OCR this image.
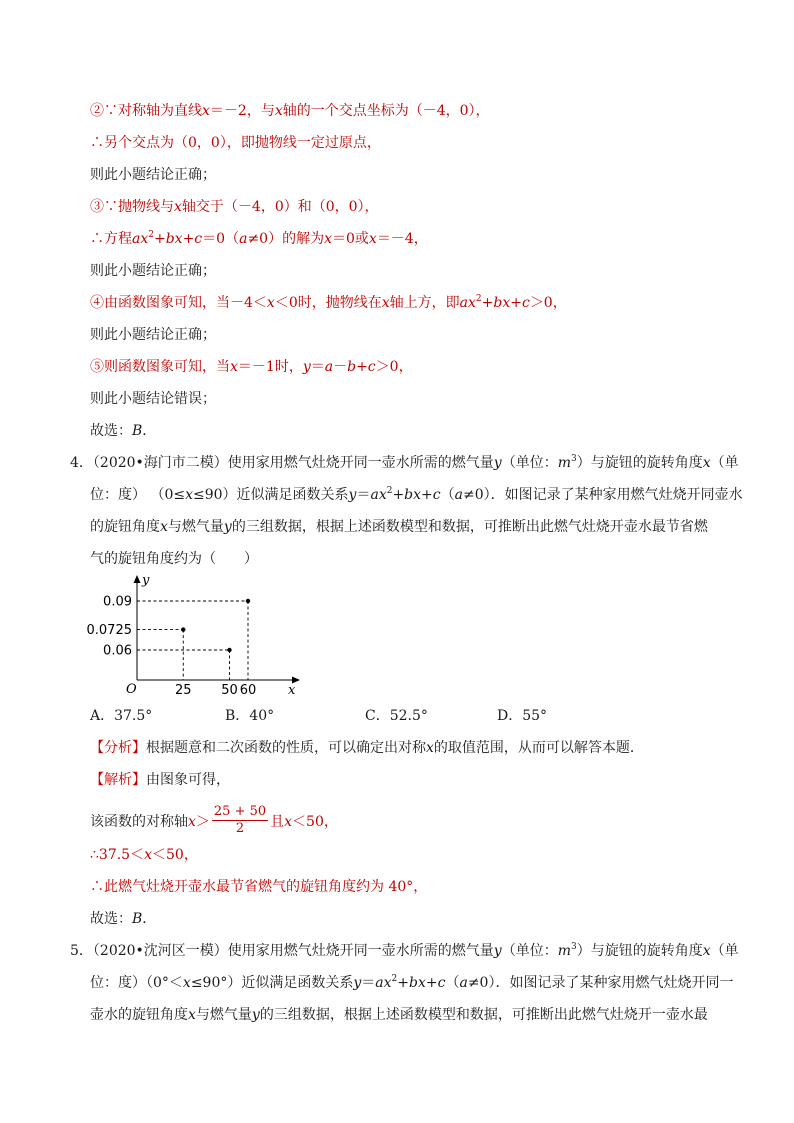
②∵对称轴为直线x＝－2，与x轴的一个交点坐标为（－4，0），
∴另个交点为（0，0），即抛物线一定过原点，
则此小题结论正确；
③∵抛物线与x轴交于（－4，0）和（0，0），
∴方程$ax^2+bx+c=0(a\ne 0)$的解为x＝0或x＝－4，
则此小题结论正确；
④由函数图象可知，当－4＜x＜0时，抛物线在x轴上方，即$ax^2+bx+c>0$，
则此小题结论正确；
⑤则函数图象可知，当x＝－1时，y＝a－b+c＞0，
则此小题结论错误；
故选：B．
4．（2020•海门市二模）使用家用燃气灶烧开同一壶水所需的燃气量y（单位：$m^3$）与旋钮的旋转角度x（单
位：度） （0≤x≤90）近似满足函数关系$y=ax^2+bx+c(a\ne 0)$．如图记录了某种家用燃气灶烧开同壶水
的旋钮角度x与燃气量y的三组数据，根据上述函数模型和数据，可推断出此燃气灶烧开壶水最节省燃
气的旋钮角度约为（　　）
x
y
O	25 50 60
0.09
0.0725
0.06
A．37.5°	B．40°	C．52.5°	D．55°
【分析】根据题意和二次函数的性质，可以确定出对称x的取值范围，从而可以解答本题．
【解析】由图象可得，
该函数的对称轴$x> \frac{25 + 50}{2}$ 且x＜50，
∴37.5＜x＜50，
∴此燃气灶烧开壶水最节省燃气的旋钮角度约为 40°，
故选：B．
5．（2020•沈河区一模）使用家用燃气灶烧开同一壶水所需的燃气量y（单位：$m^3$）与旋钮的旋转角度x（单
位：度）（0°＜x≤90°）近似满足函数关系$y=ax^2+bx+c(a\ne 0)$．如图记录了某种家用燃气灶烧开同一
壶水的旋钮角度x与燃气量y的三组数据，根据上述函数模型和数据，可推断出此燃气灶烧开一壶水最
